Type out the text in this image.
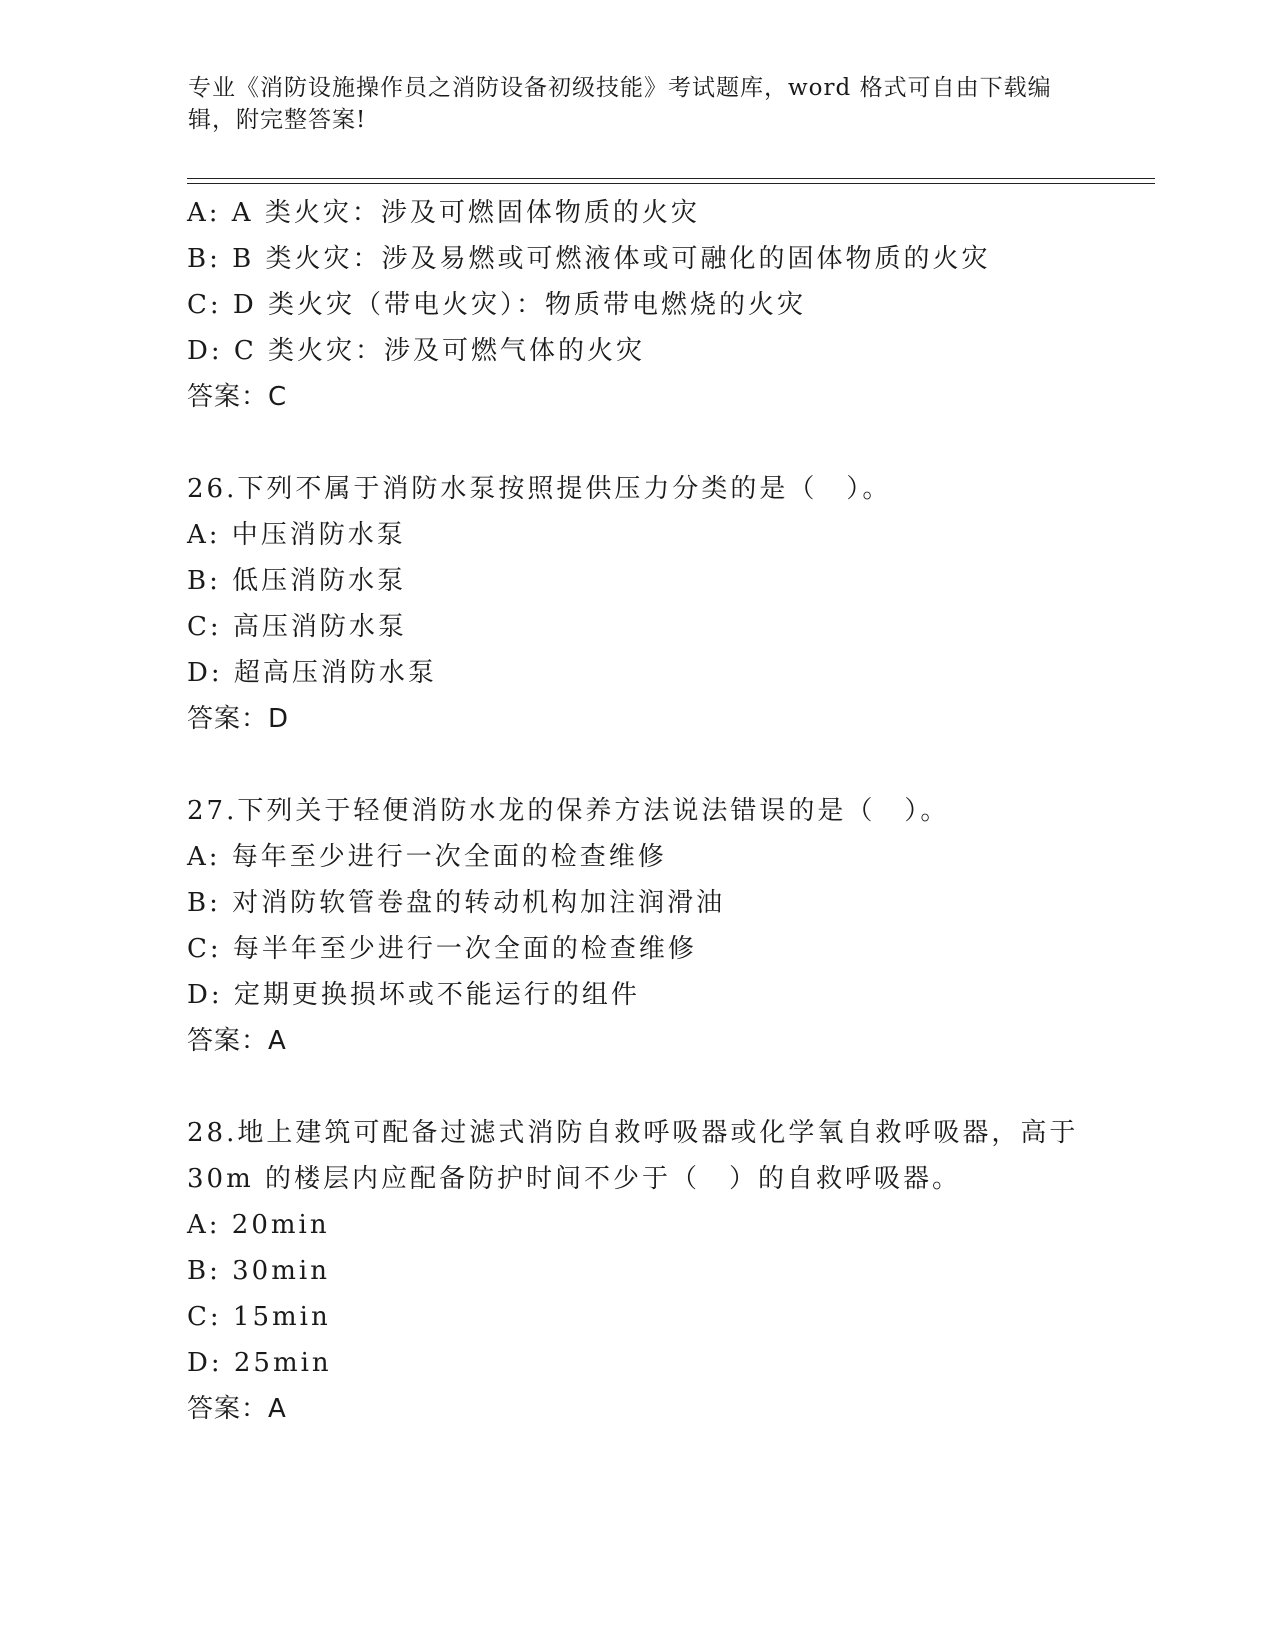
专业《消防设施操作员之消防设备初级技能》考试题库，word 格式可自由下载编辑，附完整答案!
A: A 类火灾：涉及可燃固体物质的火灾
B: B 类火灾：涉及易燃或可燃液体或可融化的固体物质的火灾
C: D 类火灾（带电火灾）：物质带电燃烧的火灾
D: C 类火灾：涉及可燃气体的火灾
答案：C
26.下列不属于消防水泵按照提供压力分类的是（　）。
A: 中压消防水泵
B: 低压消防水泵
C: 高压消防水泵
D: 超高压消防水泵
答案：D
27.下列关于轻便消防水龙的保养方法说法错误的是（　）。
A: 每年至少进行一次全面的检查维修
B: 对消防软管卷盘的转动机构加注润滑油
C: 每半年至少进行一次全面的检查维修
D: 定期更换损坏或不能运行的组件
答案：A
28.地上建筑可配备过滤式消防自救呼吸器或化学氧自救呼吸器，高于
30m 的楼层内应配备防护时间不少于（　）的自救呼吸器。
A: 20min
B: 30min
C: 15min
D: 25min
答案：A
